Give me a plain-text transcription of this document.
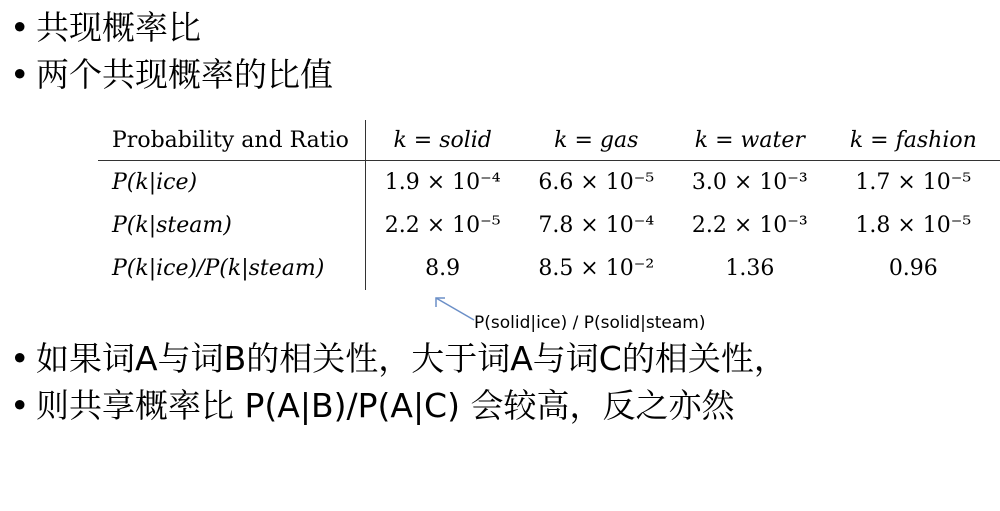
• 共现概率比
• 两个共现概率的比值
Probability and Ratio	k = solid	k = gas	k = water	k = fashion
P(k|ice)	1.9 × 10⁻⁴	6.6 × 10⁻⁵	3.0 × 10⁻³	1.7 × 10⁻⁵
P(k|steam)	2.2 × 10⁻⁵	7.8 × 10⁻⁴	2.2 × 10⁻³	1.8 × 10⁻⁵
P(k|ice)/P(k|steam)	8.9	8.5 × 10⁻²	1.36	0.96
P(solid|ice) / P(solid|steam)
• 如果词A与词B的相关性，大于词A与词C的相关性，
• 则共享概率比 P(A|B)/P(A|C) 会较高，反之亦然
